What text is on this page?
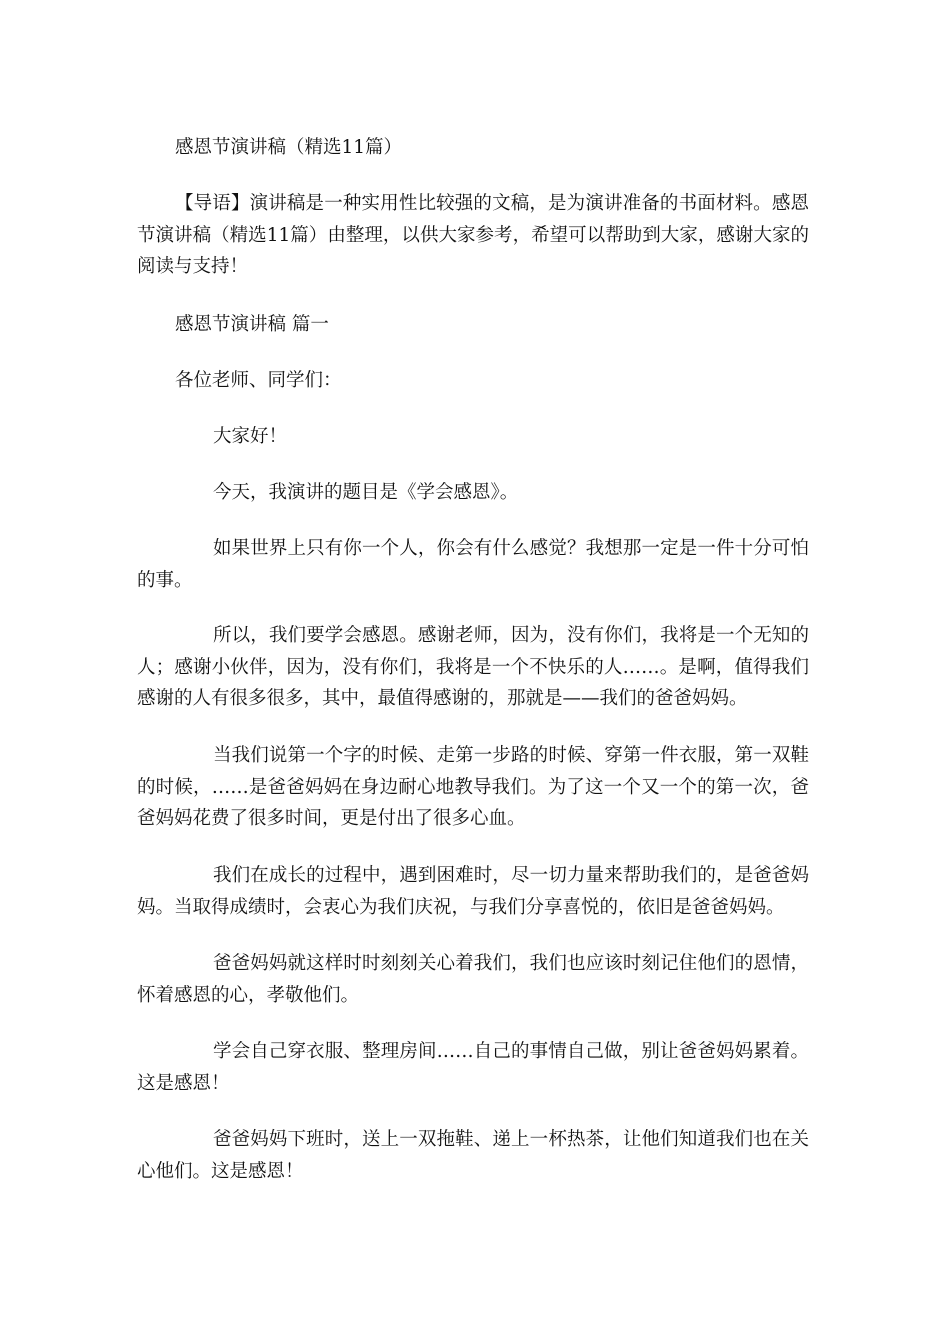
感恩节演讲稿（精选11篇）
【导语】演讲稿是一种实用性比较强的文稿，是为演讲准备的书面材料。感恩节演讲稿（精选11篇）由整理，以供大家参考，希望可以帮助到大家，感谢大家的阅读与支持！
感恩节演讲稿 篇一
各位老师、同学们：
大家好！
今天，我演讲的题目是《学会感恩》。
如果世界上只有你一个人，你会有什么感觉？我想那一定是一件十分可怕的事。
所以，我们要学会感恩。感谢老师，因为，没有你们，我将是一个无知的人；感谢小伙伴，因为，没有你们，我将是一个不快乐的人……。是啊，值得我们感谢的人有很多很多，其中，最值得感谢的，那就是——我们的爸爸妈妈。
当我们说第一个字的时候、走第一步路的时候、穿第一件衣服，第一双鞋的时候，……是爸爸妈妈在身边耐心地教导我们。为了这一个又一个的第一次，爸爸妈妈花费了很多时间，更是付出了很多心血。
我们在成长的过程中，遇到困难时，尽一切力量来帮助我们的，是爸爸妈妈。当取得成绩时，会衷心为我们庆祝，与我们分享喜悦的，依旧是爸爸妈妈。
爸爸妈妈就这样时时刻刻关心着我们，我们也应该时刻记住他们的恩情，怀着感恩的心，孝敬他们。
学会自己穿衣服、整理房间……自己的事情自己做，别让爸爸妈妈累着。这是感恩！
爸爸妈妈下班时，送上一双拖鞋、递上一杯热茶，让他们知道我们也在关心他们。这是感恩！
